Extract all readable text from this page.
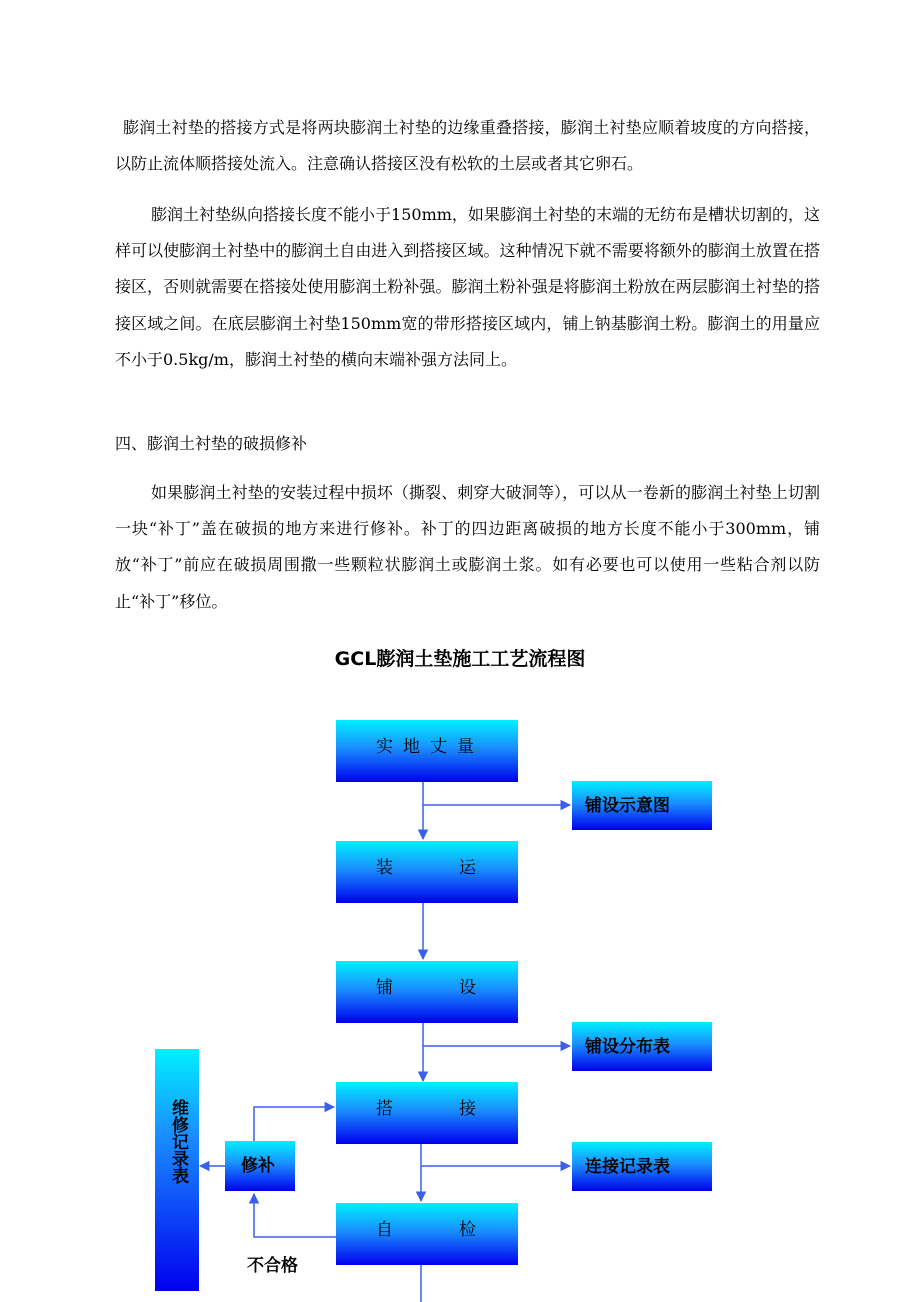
膨润土衬垫的搭接方式是将两块膨润土衬垫的边缘重叠搭接，膨润土衬垫应顺着坡度的方向搭接，以防止流体顺搭接处流入。注意确认搭接区没有松软的土层或者其它卵石。

膨润土衬垫纵向搭接长度不能小于150mm，如果膨润土衬垫的末端的无纺布是槽状切割的，这样可以使膨润土衬垫中的膨润土自由进入到搭接区域。这种情况下就不需要将额外的膨润土放置在搭接区，否则就需要在搭接处使用膨润土粉补强。膨润土粉补强是将膨润土粉放在两层膨润土衬垫的搭接区域之间。在底层膨润土衬垫150mm宽的带形搭接区域内，铺上钠基膨润土粉。膨润土的用量应不小于0.5kg/m，膨润土衬垫的横向末端补强方法同上。

四、膨润土衬垫的破损修补

如果膨润土衬垫的安装过程中损坏（撕裂、刺穿大破洞等），可以从一卷新的膨润土衬垫上切割一块“补丁”盖在破损的地方来进行修补。补丁的四边距离破损的地方长度不能小于300mm，铺放“补丁”前应在破损周围撒一些颗粒状膨润土或膨润土浆。如有必要也可以使用一些粘合剂以防止“补丁”移位。

GCL膨润土垫施工工艺流程图
实地丈量
装	运
铺	设
搭	接
自	检
铺设示意图
铺设分布表
连接记录表
修补
维修记录表
不合格
